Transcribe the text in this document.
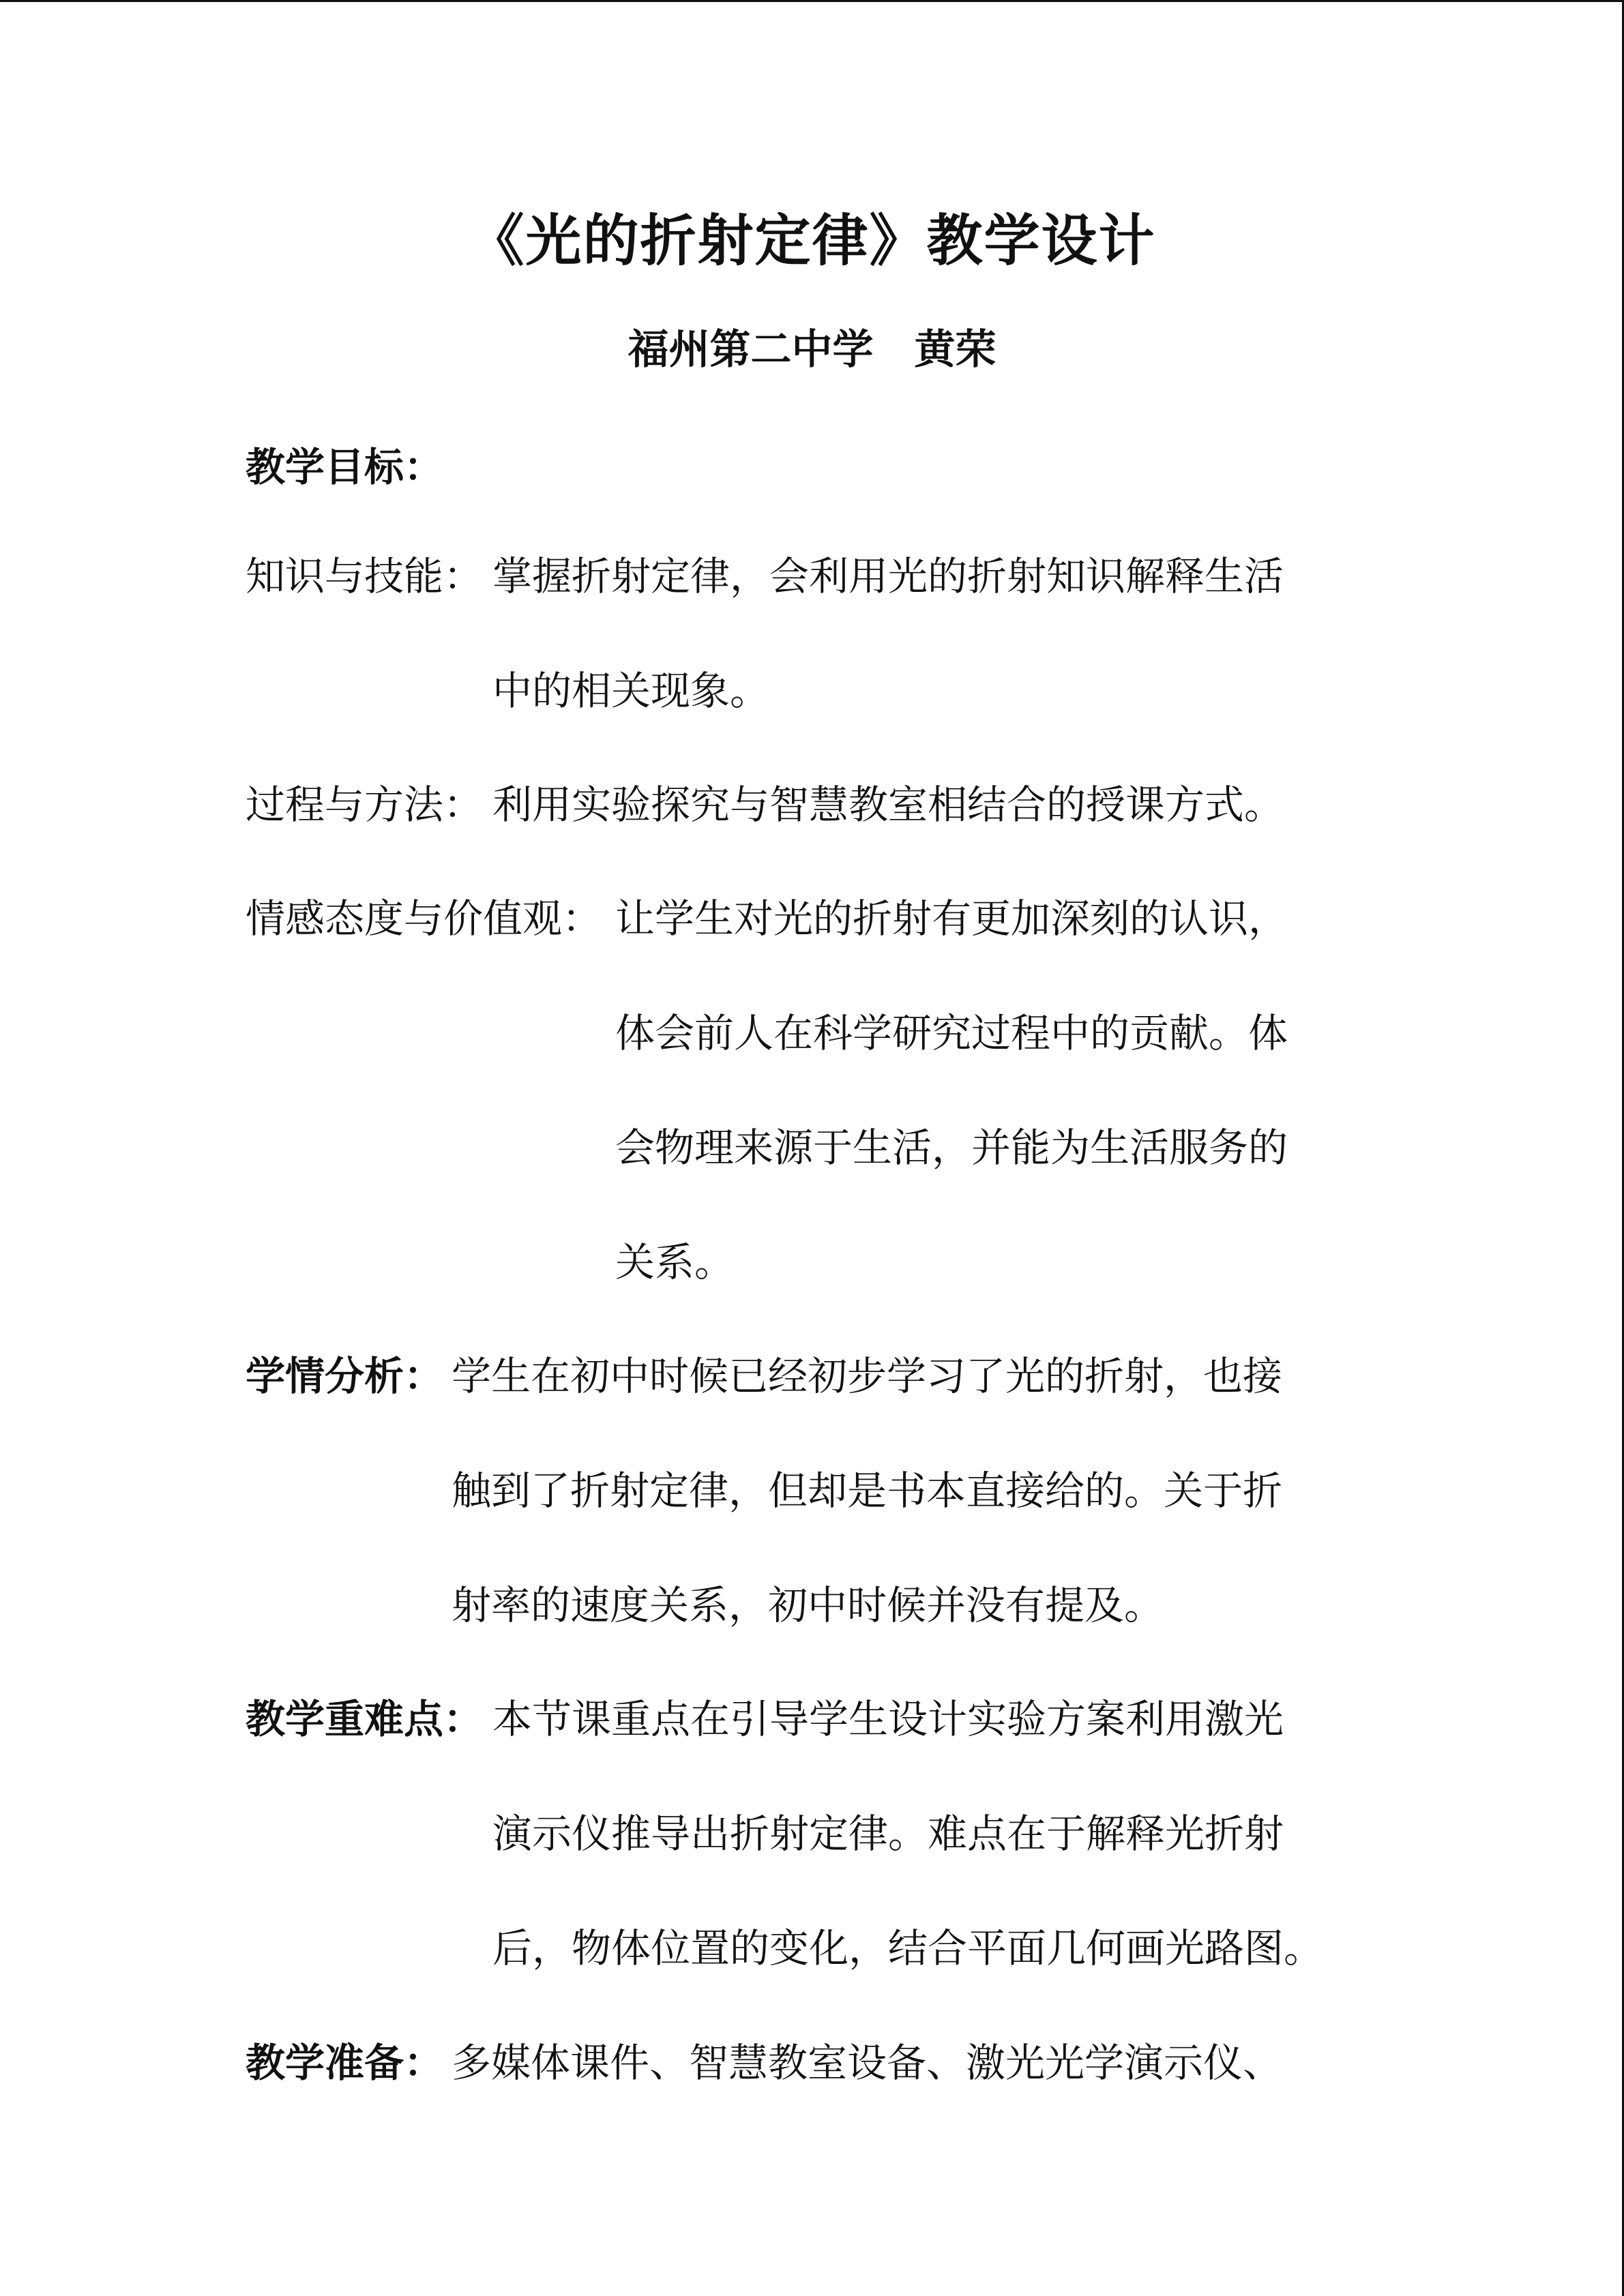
《光的折射定律》教学设计
福州第二中学　黄荣
教学目标：
知识与技能： 掌握折射定律，会利用光的折射知识解释生活
中的相关现象。
过程与方法： 利用实验探究与智慧教室相结合的授课方式。
情感态度与价值观： 让学生对光的折射有更加深刻的认识，
体会前人在科学研究过程中的贡献。体
会物理来源于生活，并能为生活服务的
关系。
学情分析： 学生在初中时候已经初步学习了光的折射，也接
触到了折射定律，但却是书本直接给的。关于折
射率的速度关系，初中时候并没有提及。
教学重难点： 本节课重点在引导学生设计实验方案利用激光
演示仪推导出折射定律。难点在于解释光折射
后，物体位置的变化，结合平面几何画光路图。
教学准备： 多媒体课件、智慧教室设备、激光光学演示仪、
